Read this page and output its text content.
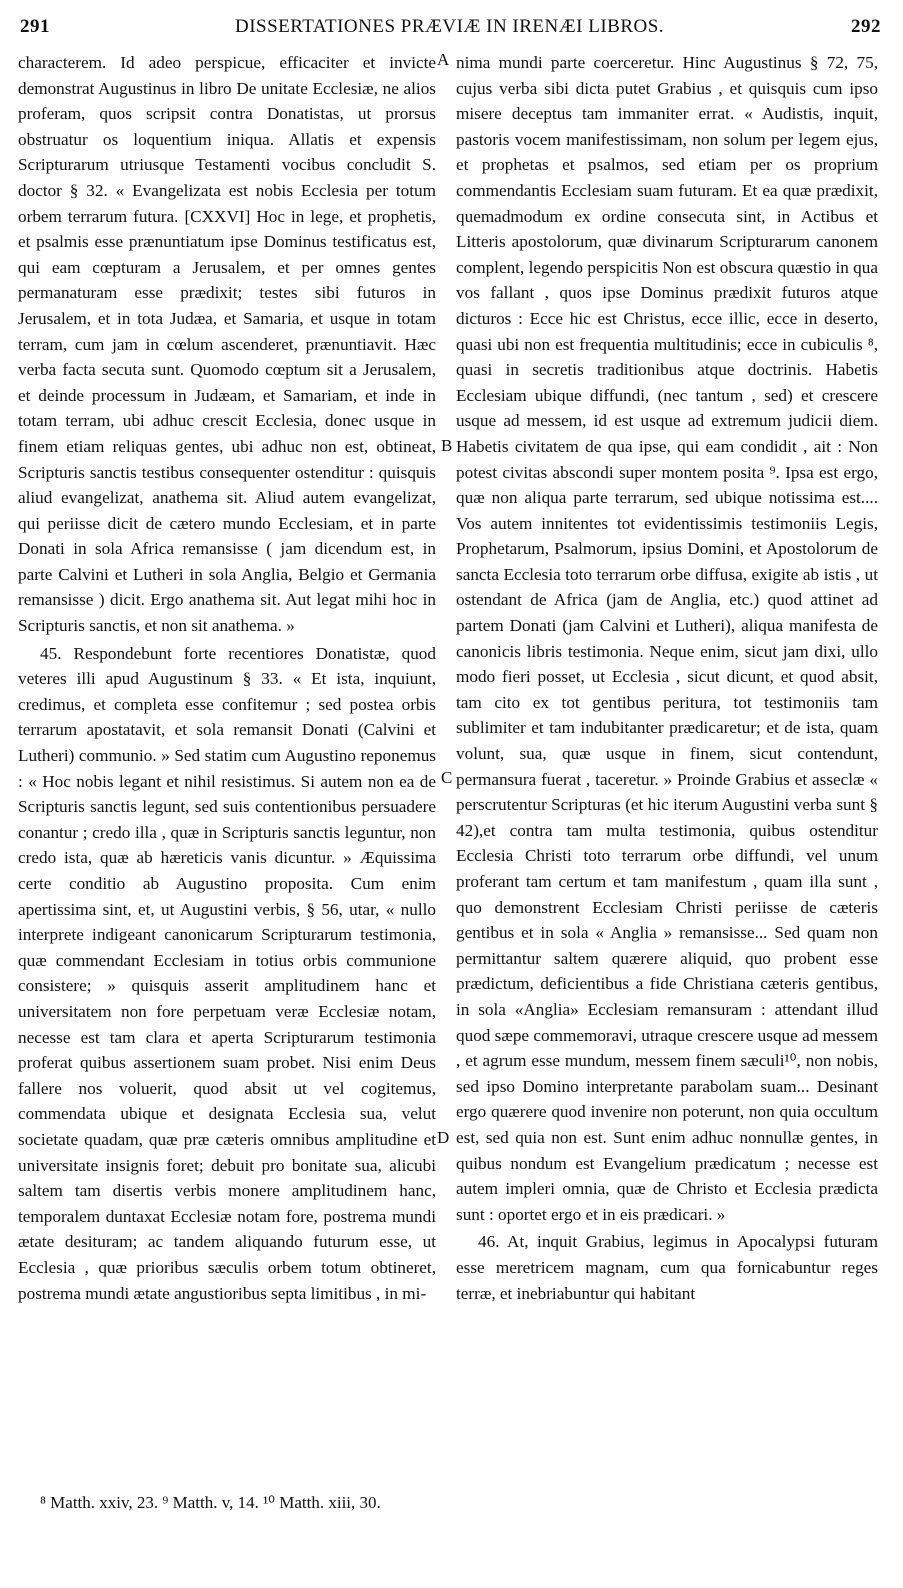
291	DISSERTATIONES PRÆVIÆ IN IRENÆI LIBROS.	292

characterem. Id adeo perspicue, efficaciter et invicte demonstrat Augustinus in libro De unitate Ecclesiæ, ne alios proferam, quos scripsit contra Donatistas, ut prorsus obstruatur os loquentium iniqua. Allatis et expensis Scripturarum utriusque Testamenti vocibus concludit S. doctor § 32. « Evangelizata est nobis Ecclesia per totum orbem terrarum futura. [CXXVI] Hoc in lege, et prophetis, et psalmis esse prænuntiatum ipse Dominus testificatus est, qui eam cœpturam a Jerusalem, et per omnes gentes permanaturam esse prædixit; testes sibi futuros in Jerusalem, et in tota Judæa, et Samaria, et usque in totam terram, cum jam in cœlum ascenderet, prænuntiavit. Hæc verba facta secuta sunt. Quomodo cœptum sit a Jerusalem, et deinde processum in Judæam, et Samariam, et inde in totam terram, ubi adhuc crescit Ecclesia, donec usque in finem etiam reliquas gentes, ubi adhuc non est, obtineat, Scripturis sanctis testibus consequenter ostenditur : quisquis aliud evangelizat, anathema sit. Aliud autem evangelizat, qui periisse dicit de cætero mundo Ecclesiam, et in parte Donati in sola Africa remansisse ( jam dicendum est, in parte Calvini et Lutheri in sola Anglia, Belgio et Germania remansisse ) dicit. Ergo anathema sit. Aut legat mihi hoc in Scripturis sanctis, et non sit anathema. »

45. Respondebunt forte recentiores Donatistæ, quod veteres illi apud Augustinum § 33. « Et ista, inquiunt, credimus, et completa esse confitemur ; sed postea orbis terrarum apostatavit, et sola remansit Donati (Calvini et Lutheri) communio. » Sed statim cum Augustino reponemus : « Hoc nobis legant et nihil resistimus. Si autem non ea de Scripturis sanctis legunt, sed suis contentionibus persuadere conantur ; credo illa , quæ in Scripturis sanctis leguntur, non credo ista, quæ ab hæreticis vanis dicuntur. » Æquissima certe conditio ab Augustino proposita. Cum enim apertissima sint, et, ut Augustini verbis, § 56, utar, « nullo interprete indigeant canonicarum Scripturarum testimonia, quæ commendant Ecclesiam in totius orbis communione consistere; » quisquis asserit amplitudinem hanc et universitatem non fore perpetuam veræ Ecclesiæ notam, necesse est tam clara et aperta Scripturarum testimonia proferat quibus assertionem suam probet. Nisi enim Deus fallere nos voluerit, quod absit ut vel cogitemus, commendata ubique et designata Ecclesia sua, velut societate quadam, quæ præ cæteris omnibus amplitudine et universitate insignis foret; debuit pro bonitate sua, alicubi saltem tam disertis verbis monere amplitudinem hanc, temporalem duntaxat Ecclesiæ notam fore, postrema mundi ætate desituram; ac tandem aliquando futurum esse, ut Ecclesia , quæ prioribus sæculis orbem totum obtineret, postrema mundi ætate angustioribus septa limitibus , in mi-

nima mundi parte coerceretur. Hinc Augustinus § 72, 75, cujus verba sibi dicta putet Grabius , et quisquis cum ipso misere deceptus tam immaniter errat. « Audistis, inquit, pastoris vocem manifestissimam, non solum per legem ejus, et prophetas et psalmos, sed etiam per os proprium commendantis Ecclesiam suam futuram. Et ea quæ prædixit, quemadmodum ex ordine consecuta sint, in Actibus et Litteris apostolorum, quæ divinarum Scripturarum canonem complent, legendo perspicitis Non est obscura quæstio in qua vos fallant , quos ipse Dominus prædixit futuros atque dicturos : Ecce hic est Christus, ecce illic, ecce in deserto, quasi ubi non est frequentia multitudinis; ecce in cubiculis ⁸, quasi in secretis traditionibus atque doctrinis. Habetis Ecclesiam ubique diffundi, (nec tantum , sed) et crescere usque ad messem, id est usque ad extremum judicii diem. Habetis civitatem de qua ipse, qui eam condidit , ait : Non potest civitas abscondi super montem posita ⁹. Ipsa est ergo, quæ non aliqua parte terrarum, sed ubique notissima est.... Vos autem innitentes tot evidentissimis testimoniis Legis, Prophetarum, Psalmorum, ipsius Domini, et Apostolorum de sancta Ecclesia toto terrarum orbe diffusa, exigite ab istis , ut ostendant de Africa (jam de Anglia, etc.) quod attinet ad partem Donati (jam Calvini et Lutheri), aliqua manifesta de canonicis libris testimonia. Neque enim, sicut jam dixi, ullo modo fieri posset, ut Ecclesia , sicut dicunt, et quod absit, tam cito ex tot gentibus peritura, tot testimoniis tam sublimiter et tam indubitanter prædicaretur; et de ista, quam volunt, sua, quæ usque in finem, sicut contendunt, permansura fuerat , taceretur. » Proinde Grabius et asseclæ « perscrutentur Scripturas (et hic iterum Augustini verba sunt § 42),et contra tam multa testimonia, quibus ostenditur Ecclesia Christi toto terrarum orbe diffundi, vel unum proferant tam certum et tam manifestum , quam illa sunt , quo demonstrent Ecclesiam Christi periisse de cæteris gentibus et in sola « Anglia » remansisse... Sed quam non permittantur saltem quærere aliquid, quo probent esse prædictum, deficientibus a fide Christiana cæteris gentibus, in sola «Anglia» Ecclesiam remansuram : attendant illud quod sæpe commemoravi, utraque crescere usque ad messem , et agrum esse mundum, messem finem sæculi¹⁰, non nobis, sed ipso Domino interpretante parabolam suam... Desinant ergo quærere quod invenire non poterunt, non quia occultum est, sed quia non est. Sunt enim adhuc nonnullæ gentes, in quibus nondum est Evangelium prædicatum ; necesse est autem impleri omnia, quæ de Christo et Ecclesia prædicta sunt : oportet ergo et in eis prædicari. »

46. At, inquit Grabius, legimus in Apocalypsi futuram esse meretricem magnam, cum qua fornicabuntur reges terræ, et inebriabuntur qui habitant

A
B
C
D
⁸ Matth. xxiv, 23. ⁹ Matth. v, 14. ¹⁰ Matth. xiii, 30.
